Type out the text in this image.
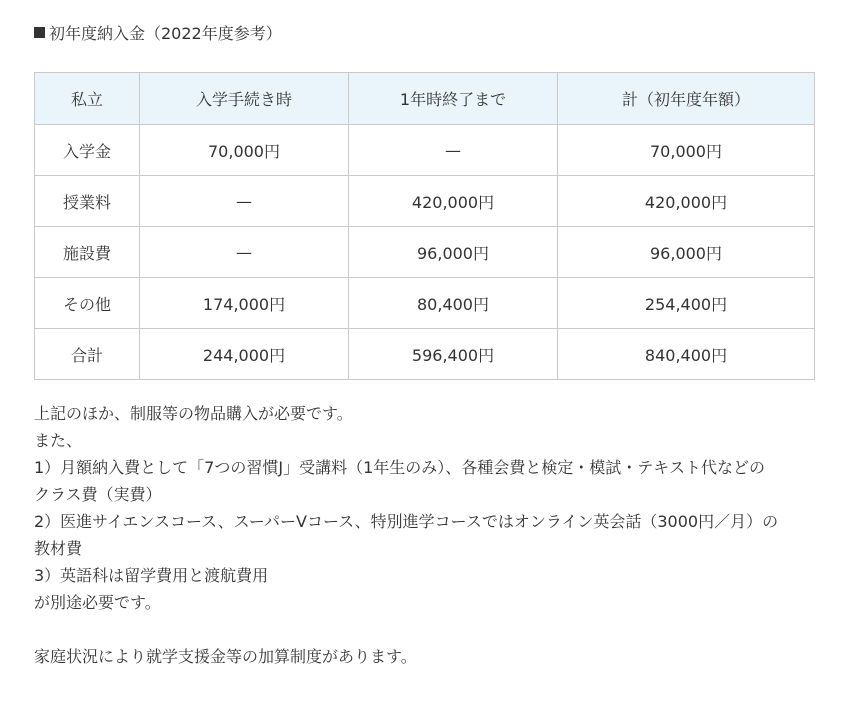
初年度納入金（2022年度参考）
私立	入学手続き時	1年時終了まで	計（初年度年額）
入学金	70,000円	—	70,000円
授業料	—	420,000円	420,000円
施設費	—	96,000円	96,000円
その他	174,000円	80,400円	254,400円
合計	244,000円	596,400円	840,400円
上記のほか、制服等の物品購入が必要です。
また、
1）月額納入費として「7つの習慣J」受講料（1年生のみ）、各種会費と検定・模試・テキスト代などの
クラス費（実費）
2）医進サイエンスコース、スーパーVコース、特別進学コースではオンライン英会話（3000円／月）の
教材費
3）英語科は留学費用と渡航費用
が別途必要です。
家庭状況により就学支援金等の加算制度があります。
